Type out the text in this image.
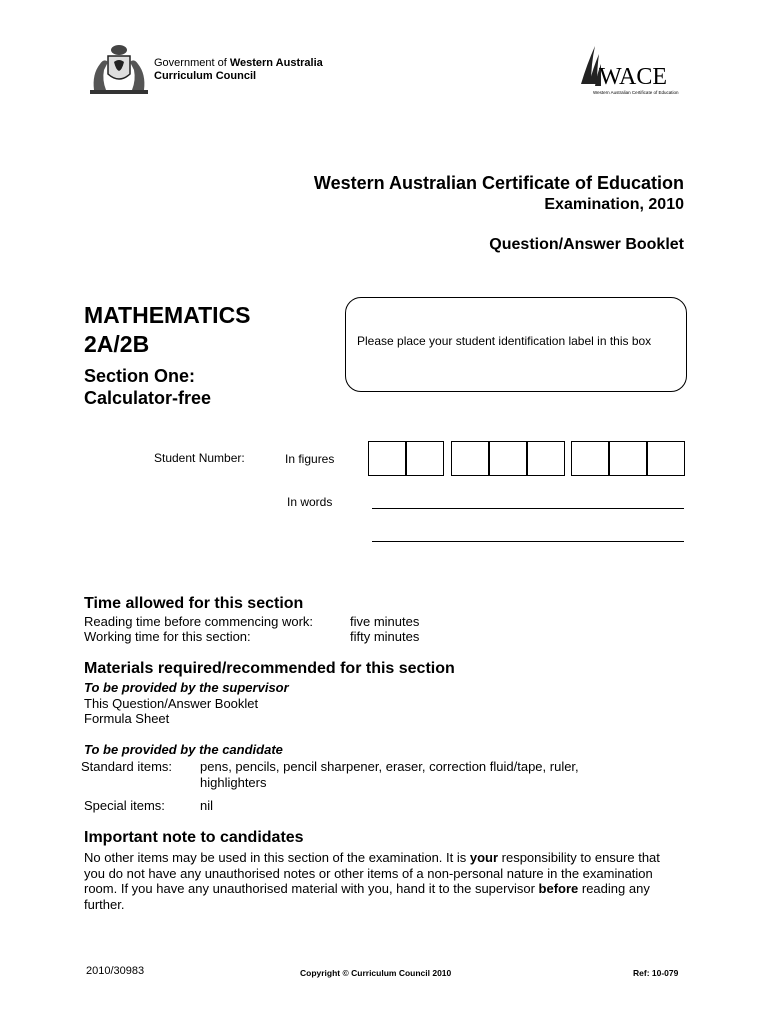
Government of Western Australia
Curriculum Council	WACE
Western Australian Certificate of Education
Western Australian Certificate of Education
Examination, 2010
Question/Answer Booklet
MATHEMATICS
2A/2B
Section One:
Calculator-free
Please place your student identification label in this box
Student Number:	In figures
In words
Time allowed for this section
Reading time before commencing work:	five minutes
Working time for this section:	fifty minutes
Materials required/recommended for this section
To be provided by the supervisor
This Question/Answer Booklet
Formula Sheet
To be provided by the candidate
Standard items: pens, pencils, pencil sharpener, eraser, correction fluid/tape, ruler,
highlighters
Special items:	nil
Important note to candidates
No other items may be used in this section of the examination. It is your responsibility to ensure that you do not have any unauthorised notes or other items of a non-personal nature in the examination room. If you have any unauthorised material with you, hand it to the supervisor before reading any further.
2010/30983	Copyright © Curriculum Council 2010	Ref: 10-079
